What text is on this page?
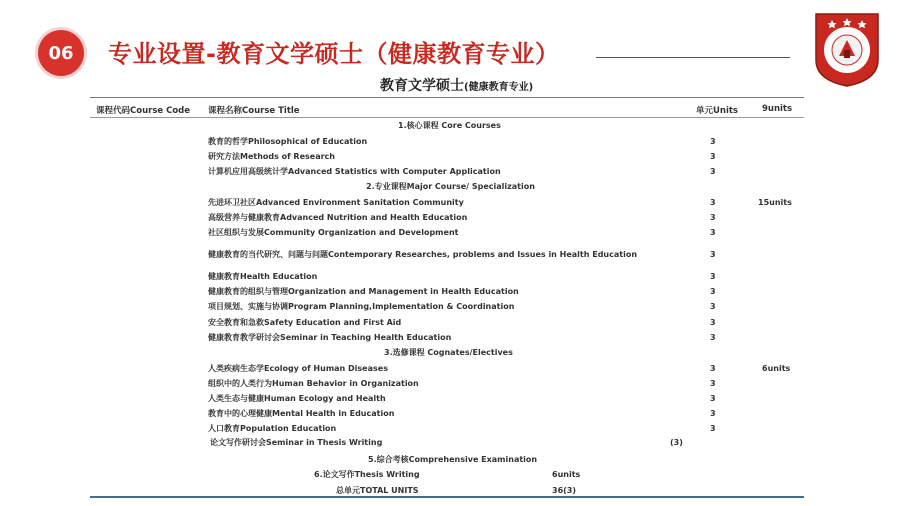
06	专业设置-教育文学硕士（健康教育专业）
教育文学硕士(健康教育专业)
课程代码Course Code 课程名称Course Title	单元Units	9units
1.核心课程 Core Courses
教育的哲学Philosophical of Education	3
研究方法Methods of Research	3
计算机应用高级统计学Advanced Statistics with Computer Application	3
2.专业课程Major Course/ Specialization
先进环卫社区Advanced Environment Sanitation Community	3	15units
高级营养与健康教育Advanced Nutrition and Health Education	3
社区组织与发展Community Organization and Development	3
健康教育的当代研究、问题与问题Contemporary Researches, problems and Issues in Health Education	3
健康教育Health Education	3
健康教育的组织与管理Organization and Management in Health Education	3
项目规划、实施与协调Program Planning,Implementation & Coordination	3
安全教育和急救Safety Education and First Aid	3
健康教育教学研讨会Seminar in Teaching Health Education	3
3.选修课程 Cognates/Electives
人类疾病生态学Ecology of Human Diseases	3	6units
组织中的人类行为Human Behavior in Organization	3
人类生态与健康Human Ecology and Health	3
教育中的心理健康Mental Health in Education	3
人口教育Population Education	3
论文写作研讨会Seminar in Thesis Writing	(3)
5.综合考核Comprehensive Examination
6.论文写作Thesis Writing	6units
总单元TOTAL UNITS	36(3)
